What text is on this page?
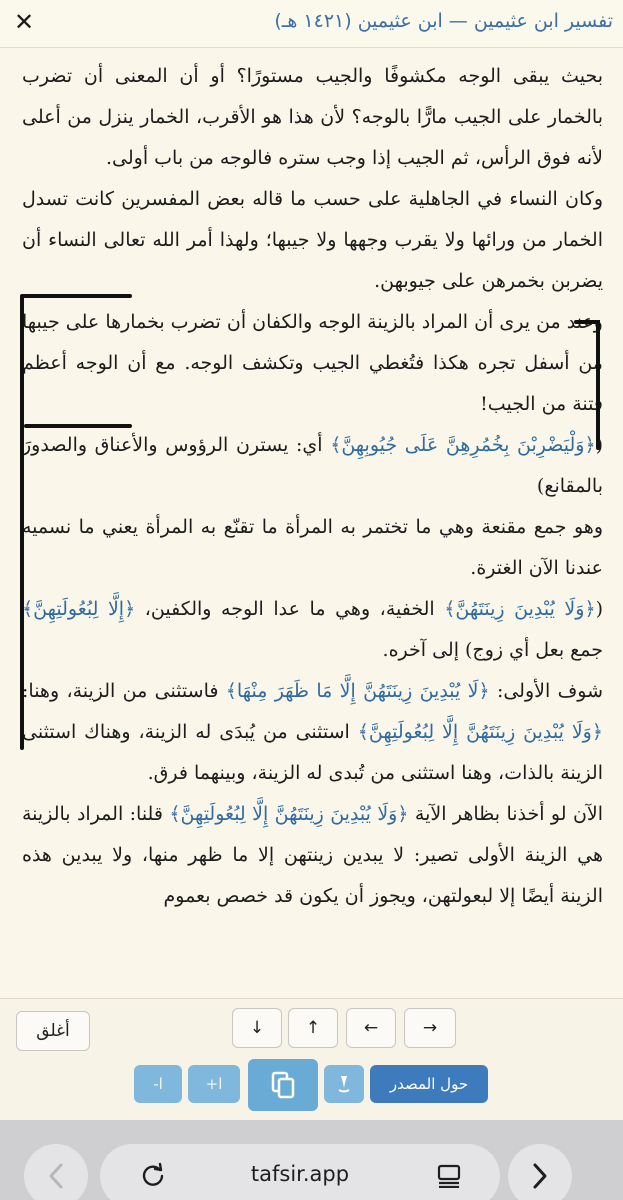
✕	تفسير ابن عثيمين — ابن عثيمين (١٤٢١ هـ)

بحيث يبقى الوجه مكشوفًا والجيب مستورًا؟ أو أن المعنى أن تضرب بالخمار على الجيب مارًّا بالوجه؟ لأن هذا هو الأقرب، الخمار ينزل من أعلى لأنه فوق الرأس، ثم الجيب إذا وجب ستره فالوجه من باب أولى.

وكان النساء في الجاهلية على حسب ما قاله بعض المفسرين كانت تسدل الخمار من ورائها ولا يقرب وجهها ولا جيبها؛ ولهذا أمر الله تعالى النساء أن يضربن بخمرهن على جيوبهن.

وعند من يرى أن المراد بالزينة الوجه والكفان أن تضرب بخمارها على جيبها من أسفل تجره هكذا فتُغطي الجيب وتكشف الوجه. مع أن الوجه أعظم فتنة من الجيب!

(﴿وَلْيَضْرِبْنَ بِخُمُرِهِنَّ عَلَى جُيُوبِهِنَّ﴾ أي: يسترن الرؤوس والأعناق والصدورَ بالمقانع)

وهو جمع مقنعة وهي ما تختمر به المرأة ما تقنّع به المرأة يعني ما نسميه عندنا الآن الغترة.

(﴿وَلَا يُبْدِينَ زِينَتَهُنَّ﴾ الخفية، وهي ما عدا الوجه والكفين، ﴿إِلَّا لِبُعُولَتِهِنَّ﴾ جمع بعل أي زوج) إلى آخره.

شوف الأولى: ﴿لَا يُبْدِينَ زِينَتَهُنَّ إِلَّا مَا ظَهَرَ مِنْهَا﴾ فاستثنى من الزينة، وهنا: ﴿وَلَا يُبْدِينَ زِينَتَهُنَّ إِلَّا لِبُعُولَتِهِنَّ﴾ استثنى من يُبدَى له الزينة، وهناك استثنى الزينة بالذات، وهنا استثنى من تُبدى له الزينة، وبينهما فرق.

الآن لو أخذنا بظاهر الآية ﴿وَلَا يُبْدِينَ زِينَتَهُنَّ إِلَّا لِبُعُولَتِهِنَّ﴾ قلنا: المراد بالزينة هي الزينة الأولى تصير: لا يبدين زينتهن إلا ما ظهر منها، ولا يبدين هذه الزينة أيضًا إلا لبعولتهن، ويجوز أن يكون قد خصص بعموم

أغلق	↓	↑	←	→
-ا	+ا	حول المصدر
tafsir.app
